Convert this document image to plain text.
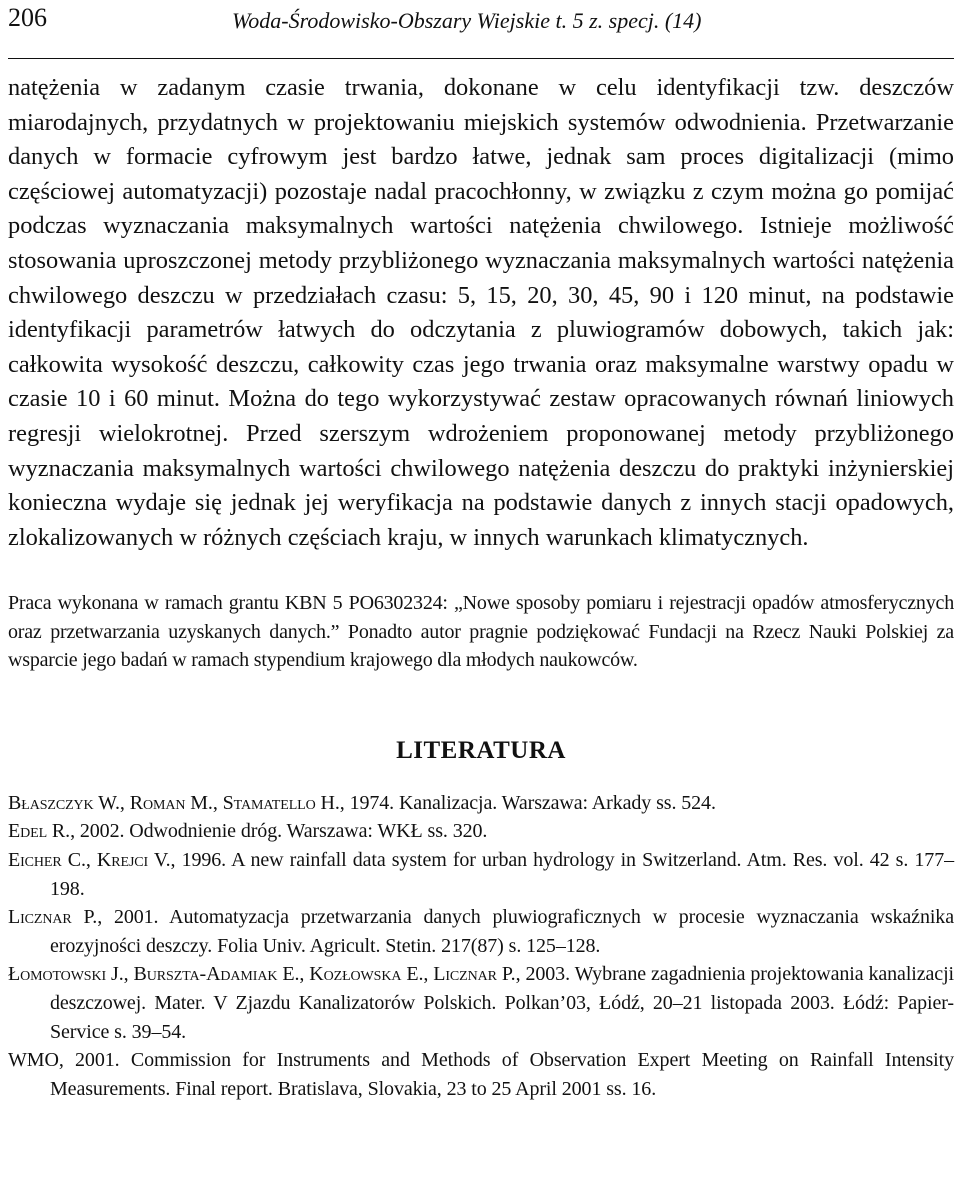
206	Woda-Środowisko-Obszary Wiejskie t. 5 z. specj. (14)

natężenia w zadanym czasie trwania, dokonane w celu identyfikacji tzw. deszczów miarodajnych, przydatnych w projektowaniu miejskich systemów odwodnienia. Przetwarzanie danych w formacie cyfrowym jest bardzo łatwe, jednak sam proces digitalizacji (mimo częściowej automatyzacji) pozostaje nadal pracochłonny, w związku z czym można go pomijać podczas wyznaczania maksymalnych wartości natężenia chwilowego. Istnieje możliwość stosowania uproszczonej metody przybliżonego wyznaczania maksymalnych wartości natężenia chwilowego deszczu w przedziałach czasu: 5, 15, 20, 30, 45, 90 i 120 minut, na podstawie identyfikacji parametrów łatwych do odczytania z pluwiogramów dobowych, takich jak: całkowita wysokość deszczu, całkowity czas jego trwania oraz maksymalne warstwy opadu w czasie 10 i 60 minut. Można do tego wykorzystywać zestaw opracowanych równań liniowych regresji wielokrotnej. Przed szerszym wdrożeniem proponowanej metody przybliżonego wyznaczania maksymalnych wartości chwilowego natężenia deszczu do praktyki inżynierskiej konieczna wydaje się jednak jej weryfikacja na podstawie danych z innych stacji opadowych, zlokalizowanych w różnych częściach kraju, w innych warunkach klimatycznych.

Praca wykonana w ramach grantu KBN 5 PO6302324: „Nowe sposoby pomiaru i rejestracji opadów atmosferycznych oraz przetwarzania uzyskanych danych.” Ponadto autor pragnie podziękować Fundacji na Rzecz Nauki Polskiej za wsparcie jego badań w ramach stypendium krajowego dla młodych naukowców.

LITERATURA
Błaszczyk W., Roman M., Stamatello H., 1974. Kanalizacja. Warszawa: Arkady ss. 524.
Edel R., 2002. Odwodnienie dróg. Warszawa: WKŁ ss. 320.
Eicher C., Krejci V., 1996. A new rainfall data system for urban hydrology in Switzerland. Atm. Res. vol. 42 s. 177–198.
Licznar P., 2001. Automatyzacja przetwarzania danych pluwiograficznych w procesie wyznaczania wskaźnika erozyjności deszczy. Folia Univ. Agricult. Stetin. 217(87) s. 125–128.
Łomotowski J., Burszta-Adamiak E., Kozłowska E., Licznar P., 2003. Wybrane zagadnienia projektowania kanalizacji deszczowej. Mater. V Zjazdu Kanalizatorów Polskich. Polkan’03, Łódź, 20–21 listopada 2003. Łódź: Papier-Service s. 39–54.
WMO, 2001. Commission for Instruments and Methods of Observation Expert Meeting on Rainfall Intensity Measurements. Final report. Bratislava, Slovakia, 23 to 25 April 2001 ss. 16.
